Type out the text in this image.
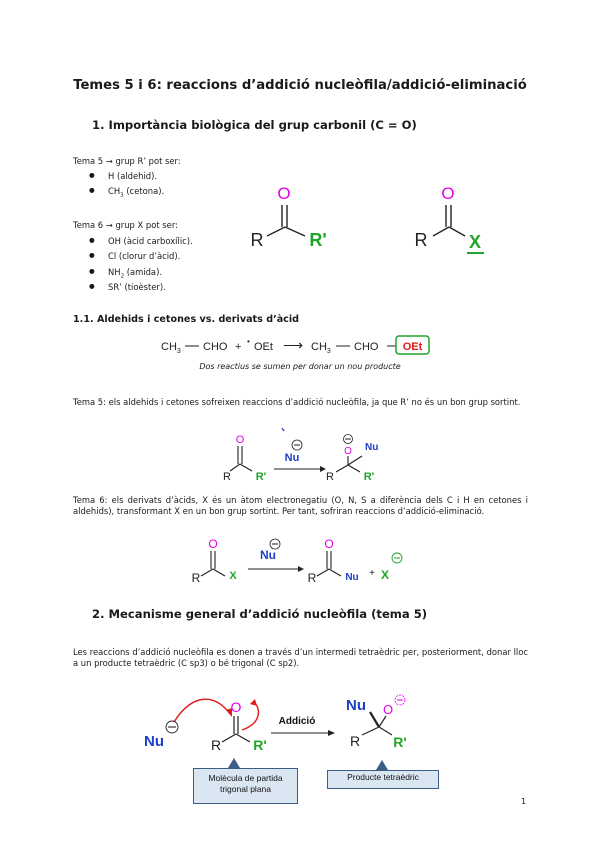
Temes 5 i 6: reaccions d’addició nucleòfila/addició-eliminació
1. Importància biològica del grup carbonil (C = O)
Tema 5 → grup R’ pot ser:
● H (aldehid).
● $CH_3$ (cetona).
Tema 6 → grup X pot ser:
● OH (àcid carboxílic).
● Cl (clorur d’àcid).
● $NH_2$ (amida).
● SR’ (tioèster).
O
R	R'
O
R X
1.1. Aldehids i cetones vs. derivats d’àcid
$CH_3$ CHO + • OEt ⟶ $CH_3$ CHO OEt
Dos reactius se sumen per donar un nou producte
Tema 5: els aldehids i cetones sofreixen reaccions d’addició nucleòfila, ja que R’ no és un bon grup sortint.
O
R R'
Nu
O Nu
R	R'
Tema 6: els derivats d’àcids, X és un àtom electronegatiu (O, N, S a diferència dels C i H en cetones i aldehids), transformant X en un bon grup sortint. Per tant, sofriran reaccions d’addició-eliminació.
O
R	X
Nu
O
R	Nu + X
2. Mecanisme general d’addició nucleòfila (tema 5)
Les reaccions d’addició nucleòfila es donen a través d’un intermedi tetraèdric per, posteriorment, donar lloc a un producte tetraèdric (C sp3) o bé trigonal (C sp2).
Nu
O
R R'
Addició
Nu O
R R'
Molècula de partida trigonal plana
Producte tetraèdric
1
